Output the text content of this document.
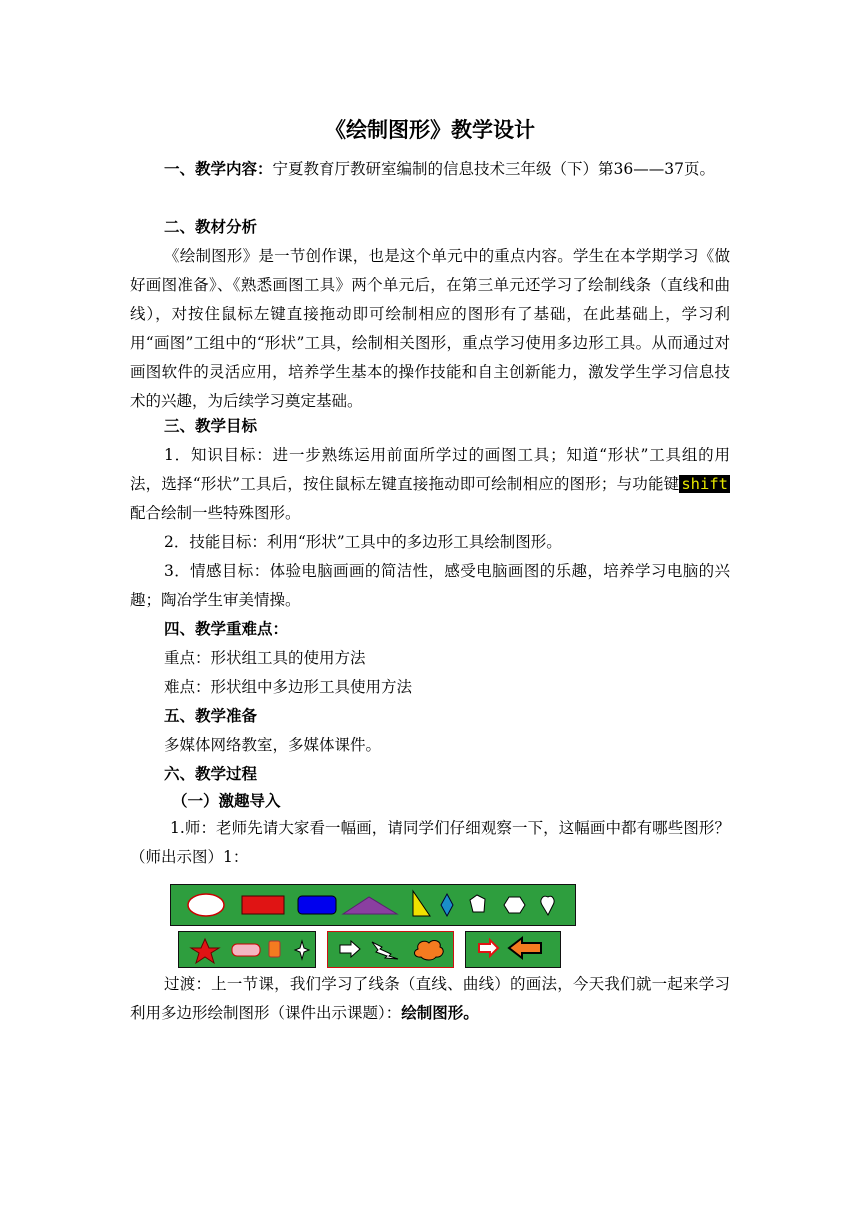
《绘制图形》教学设计
一、教学内容：宁夏教育厅教研室编制的信息技术三年级（下）第36——37页。
二、教材分析
《绘制图形》是一节创作课，也是这个单元中的重点内容。学生在本学期学习《做好画图准备》、《熟悉画图工具》两个单元后，在第三单元还学习了绘制线条（直线和曲线），对按住鼠标左键直接拖动即可绘制相应的图形有了基础，在此基础上，学习利用“画图”工组中的“形状”工具，绘制相关图形，重点学习使用多边形工具。从而通过对画图软件的灵活应用，培养学生基本的操作技能和自主创新能力，激发学生学习信息技术的兴趣，为后续学习奠定基础。
三、教学目标
1．知识目标：进一步熟练运用前面所学过的画图工具；知道“形状”工具组的用法，选择“形状”工具后，按住鼠标左键直接拖动即可绘制相应的图形；与功能键 shift配合绘制一些特殊图形。
2．技能目标：利用“形状”工具中的多边形工具绘制图形。
3．情感目标：体验电脑画画的简洁性，感受电脑画图的乐趣，培养学习电脑的兴趣；陶冶学生审美情操。
四、教学重难点：
重点：形状组工具的使用方法
难点：形状组中多边形工具使用方法
五、教学准备
多媒体网络教室，多媒体课件。
六、教学过程
（一）激趣导入
1.师：老师先请大家看一幅画，请同学们仔细观察一下，这幅画中都有哪些图形？（师出示图）1：
过渡：上一节课，我们学习了线条（直线、曲线）的画法，今天我们就一起来学习利用多边形绘制图形（课件出示课题）：绘制图形。
